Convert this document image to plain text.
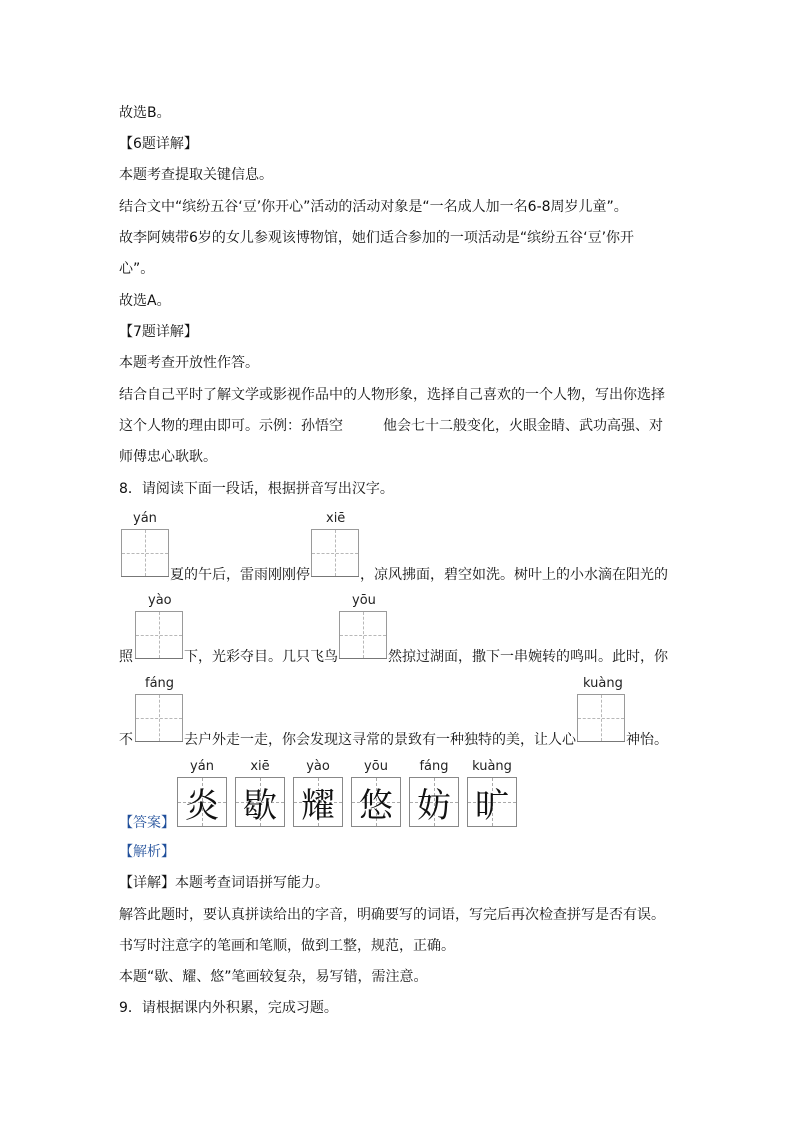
故选B。
【6题详解】
本题考查提取关键信息。
结合文中“缤纷五谷‘豆’你开心”活动的活动对象是“一名成人加一名6-8周岁儿童”。
故李阿姨带6岁的女儿参观该博物馆，她们适合参加的一项活动是“缤纷五谷‘豆’你开
心”。
故选A。
【7题详解】
本题考查开放性作答。
结合自己平时了解文学或影视作品中的人物形象，选择自己喜欢的一个人物，写出你选择
这个人物的理由即可。示例：孙悟空	他会七十二般变化，火眼金睛、武功高强、对
师傅忠心耿耿。
8．请阅读下面一段话，根据拼音写出汉字。
yán
夏的午后，雷雨刚刚停
xiē
，凉风拂面，碧空如洗。树叶上的小水滴在阳光的
照
yào
下，光彩夺目。几只飞鸟
yōu
然掠过湖面，撒下一串婉转的鸣叫。此时，你
不
fáng
去户外走一走，你会发现这寻常的景致有一种独特的美，让人心
kuàng
神怡。
【答案】
yán
炎
xiē
歇
yào
耀
yōu
悠
fáng
妨
kuàng
旷
【解析】
【详解】本题考查词语拼写能力。
解答此题时，要认真拼读给出的字音，明确要写的词语，写完后再次检查拼写是否有误。
书写时注意字的笔画和笔顺，做到工整，规范，正确。
本题“歇、耀、悠”笔画较复杂，易写错，需注意。
9．请根据课内外积累，完成习题。
